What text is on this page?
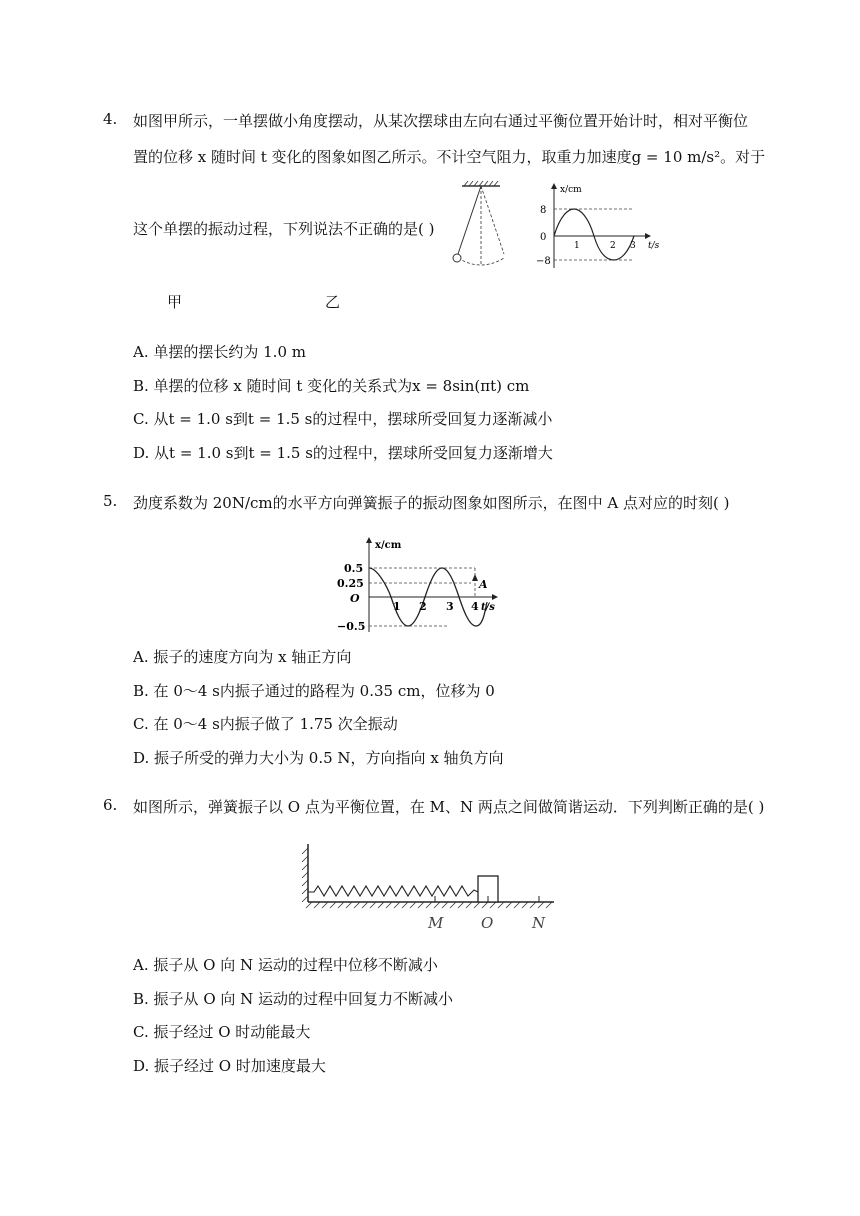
4. 如图甲所示，一单摆做小角度摆动，从某次摆球由左向右通过平衡位置开始计时，相对平衡位
置的位移 x 随时间 t 变化的图象如图乙所示。不计空气阻力，取重力加速度g = 10 m/s²。对于
这个单摆的振动过程，下列说法不正确的是( )
x/cm
8
0
−8
1	2 3 t/s
甲	乙
A. 单摆的摆长约为 1.0 m
B. 单摆的位移 x 随时间 t 变化的关系式为x = 8sin(πt) cm
C. 从t = 1.0 s到t = 1.5 s的过程中，摆球所受回复力逐渐减小
D. 从t = 1.0 s到t = 1.5 s的过程中，摆球所受回复力逐渐增大
5. 劲度系数为 20N/cm的水平方向弹簧振子的振动图象如图所示，在图中 A 点对应的时刻( )
x/cm
0.5
0.25
O
−0.5
1 2 3 4 t/s
A
A. 振子的速度方向为 x 轴正方向
B. 在 0～4 s内振子通过的路程为 0.35 cm，位移为 0
C. 在 0～4 s内振子做了 1.75 次全振动
D. 振子所受的弹力大小为 0.5 N，方向指向 x 轴负方向
6. 如图所示，弹簧振子以 O 点为平衡位置，在 M、N 两点之间做简谐运动．下列判断正确的是( )
M	O	N
A. 振子从 O 向 N 运动的过程中位移不断减小
B. 振子从 O 向 N 运动的过程中回复力不断减小
C. 振子经过 O 时动能最大
D. 振子经过 O 时加速度最大
